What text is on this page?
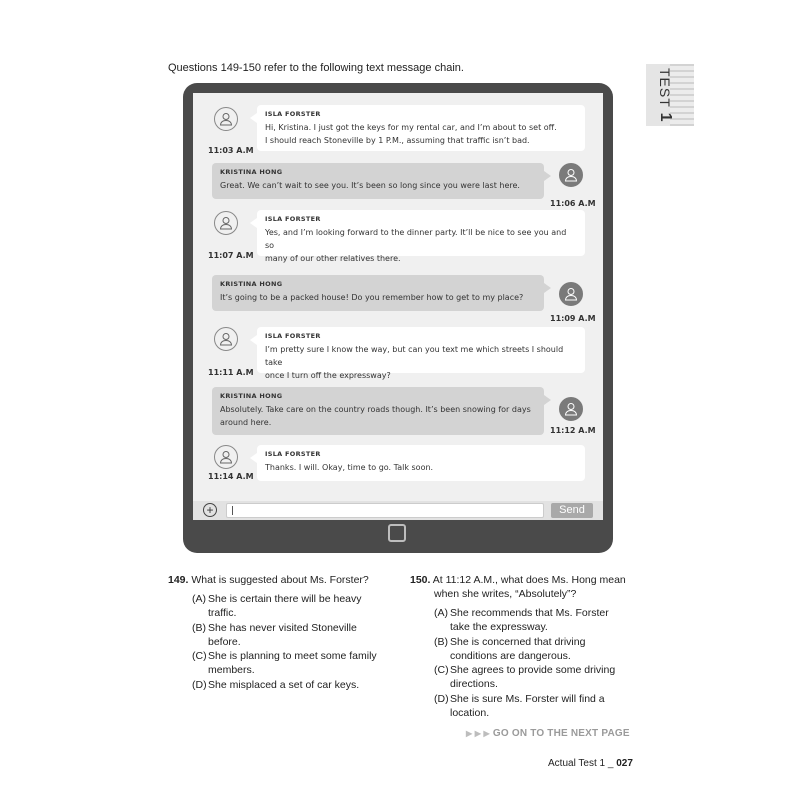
Questions 149-150 refer to the following text message chain.	TEST 1
11:03 A.M
ISLA FORSTER
Hi, Kristina. I just got the keys for my rental car, and I’m about to set off.
I should reach Stoneville by 1 P.M., assuming that traffic isn’t bad.
KRISTINA HONG
Great. We can’t wait to see you. It’s been so long since you were last here.
11:06 A.M
11:07 A.M
ISLA FORSTER
Yes, and I’m looking forward to the dinner party. It’ll be nice to see you and so
many of our other relatives there.
KRISTINA HONG
It’s going to be a packed house! Do you remember how to get to my place?
11:09 A.M
11:11 A.M
ISLA FORSTER
I’m pretty sure I know the way, but can you text me which streets I should take
once I turn off the expressway?
KRISTINA HONG
Absolutely. Take care on the country roads though. It’s been snowing for days
around here.
11:12 A.M
11:14 A.M
ISLA FORSTER
Thanks. I will. Okay, time to go. Talk soon.
+	Send
149. What is suggested about Ms. Forster?
(A) She is certain there will be heavy
traffic.
(B) She has never visited Stoneville
before.
(C) She is planning to meet some family
members.
(D) She misplaced a set of car keys.
150. At 11:12 A.M., what does Ms. Hong mean
when she writes, “Absolutely”?
(A) She recommends that Ms. Forster
take the expressway.
(B) She is concerned that driving
conditions are dangerous.
(C) She agrees to provide some driving
directions.
(D) She is sure Ms. Forster will find a
location.
▶ ▶ ▶ GO ON TO THE NEXT PAGE
Actual Test 1 _ 027
